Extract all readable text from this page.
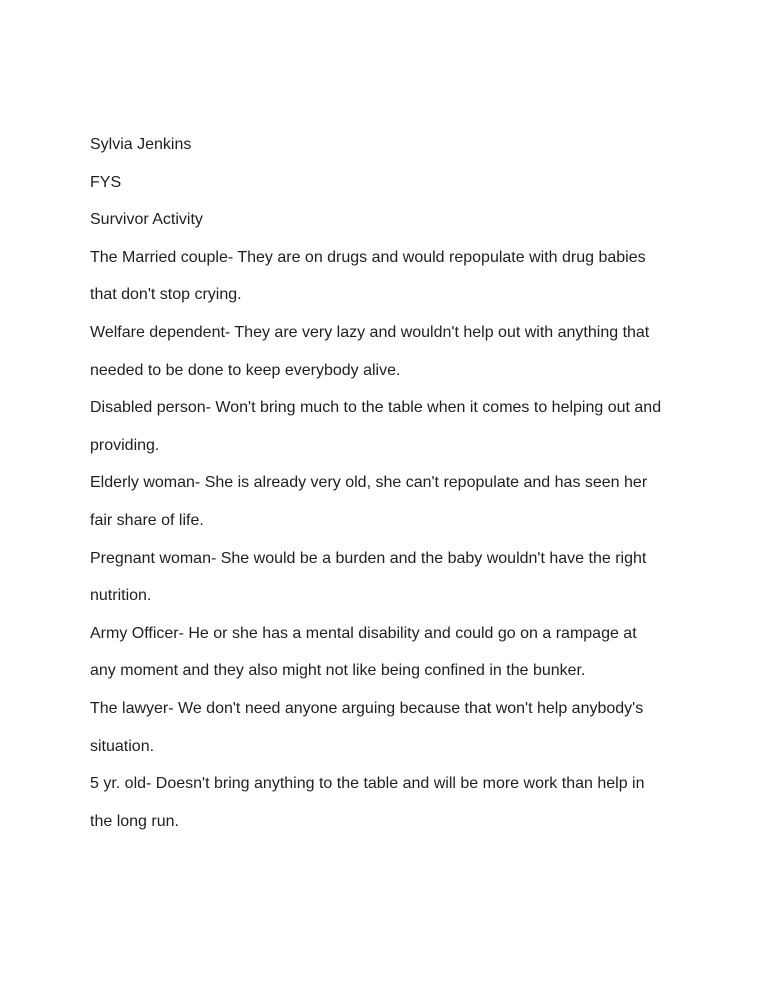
Sylvia Jenkins
FYS
Survivor Activity
The Married couple- They are on drugs and would repopulate with drug babies
that don't stop crying.
Welfare dependent- They are very lazy and wouldn't help out with anything that
needed to be done to keep everybody alive.
Disabled person- Won't bring much to the table when it comes to helping out and
providing.
Elderly woman- She is already very old, she can't repopulate and has seen her
fair share of life.
Pregnant woman- She would be a burden and the baby wouldn't have the right
nutrition.
Army Officer- He or she has a mental disability and could go on a rampage at
any moment and they also might not like being confined in the bunker.
The lawyer- We don't need anyone arguing because that won't help anybody's
situation.
5 yr. old- Doesn't bring anything to the table and will be more work than help in
the long run.
